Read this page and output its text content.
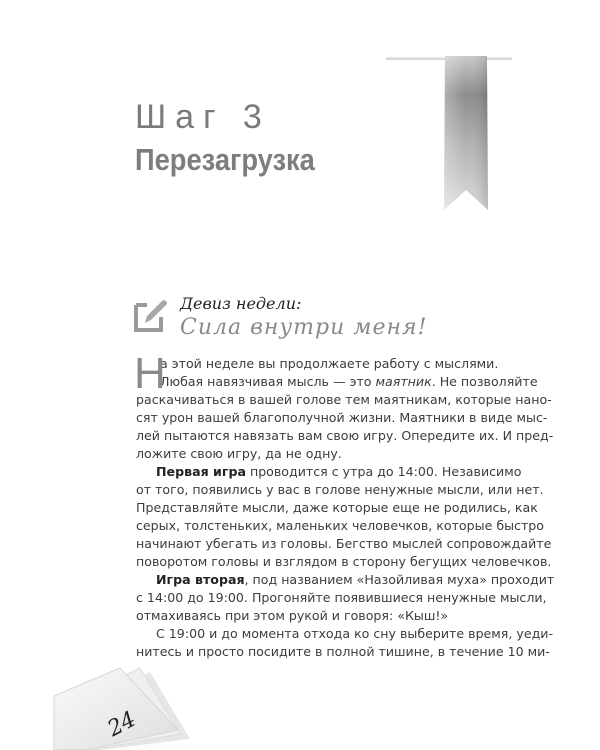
Шаг 3
Перезагрузка
Девиз недели:
Сила внутри меня!
Н
а этой неделе вы продолжаете работу с мыслями.
Любая навязчивая мысль — это маятник. Не позволяйте
раскачиваться в вашей голове тем маятникам, которые нано-
сят урон вашей благополучной жизни. Маятники в виде мыс-
лей пытаются навязать вам свою игру. Опередите их. И пред-
ложите свою игру, да не одну.
Первая игра проводится с утра до 14:00. Независимо
от того, появились у вас в голове ненужные мысли, или нет.
Представляйте мысли, даже которые еще не родились, как
серых, толстеньких, маленьких человечков, которые быстро
начинают убегать из головы. Бегство мыслей сопровождайте
поворотом головы и взглядом в сторону бегущих человечков.
Игра вторая, под названием «Назойливая муха» проходит
с 14:00 до 19:00. Прогоняйте появившиеся ненужные мысли,
отмахиваясь при этом рукой и говоря: «Кыш!»
С 19:00 и до момента отхода ко сну выберите время, уеди-
нитесь и просто посидите в полной тишине, в течение 10 ми-
24
